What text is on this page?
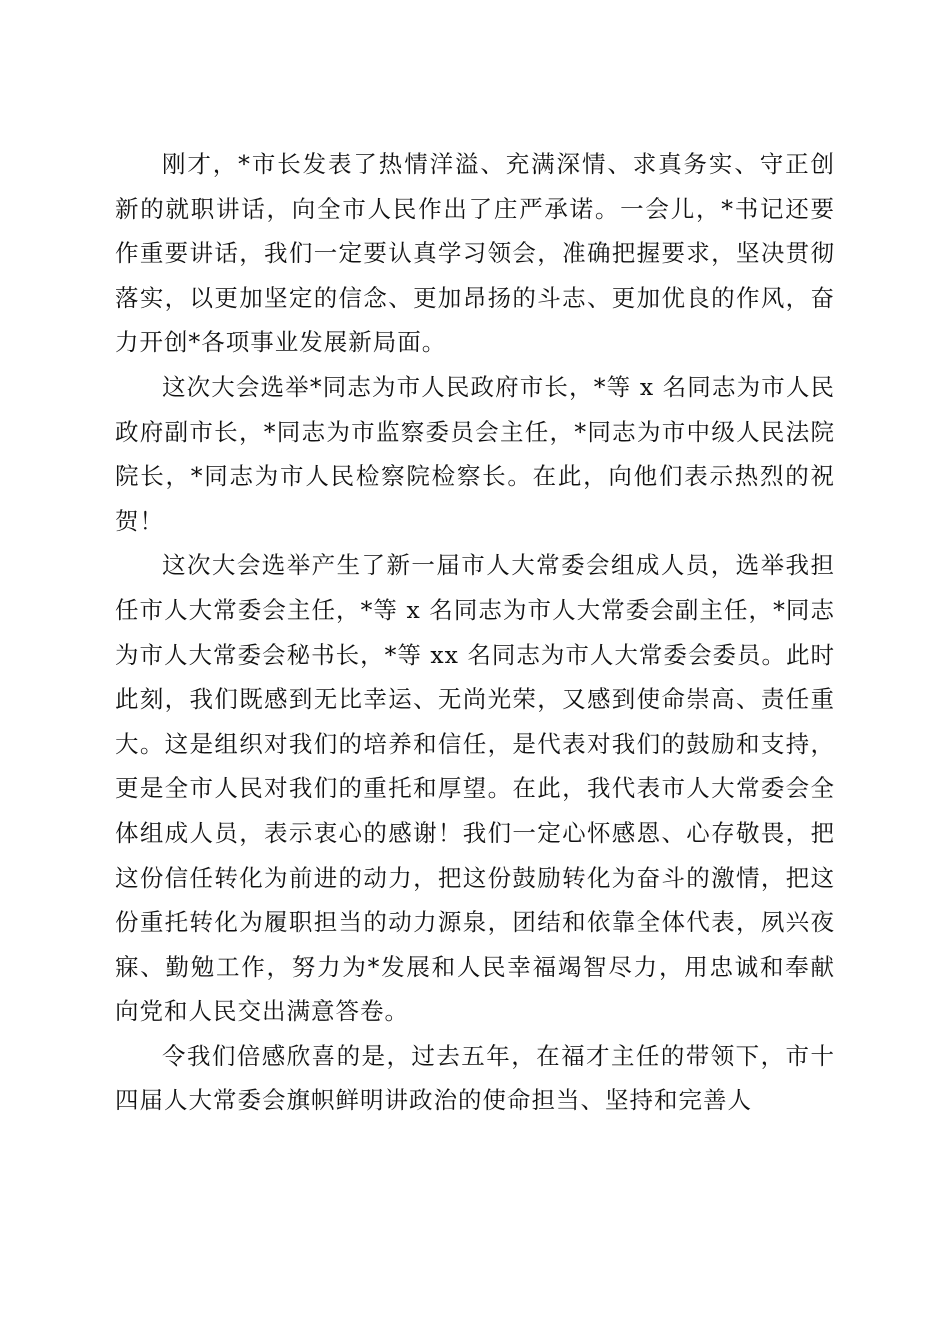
刚才，*市长发表了热情洋溢、充满深情、求真务实、守正创新的就职讲话，向全市人民作出了庄严承诺。一会儿，*书记还要作重要讲话，我们一定要认真学习领会，准确把握要求，坚决贯彻落实，以更加坚定的信念、更加昂扬的斗志、更加优良的作风，奋力开创*各项事业发展新局面。

这次大会选举*同志为市人民政府市长，*等 x 名同志为市人民政府副市长，*同志为市监察委员会主任，*同志为市中级人民法院院长，*同志为市人民检察院检察长。在此，向他们表示热烈的祝贺！

这次大会选举产生了新一届市人大常委会组成人员，选举我担任市人大常委会主任，*等 x 名同志为市人大常委会副主任，*同志为市人大常委会秘书长，*等 xx 名同志为市人大常委会委员。此时此刻，我们既感到无比幸运、无尚光荣，又感到使命崇高、责任重大。这是组织对我们的培养和信任，是代表对我们的鼓励和支持，更是全市人民对我们的重托和厚望。在此，我代表市人大常委会全体组成人员，表示衷心的感谢！我们一定心怀感恩、心存敬畏，把这份信任转化为前进的动力，把这份鼓励转化为奋斗的激情，把这份重托转化为履职担当的动力源泉，团结和依靠全体代表，夙兴夜寐、勤勉工作，努力为*发展和人民幸福竭智尽力，用忠诚和奉献向党和人民交出满意答卷。

令我们倍感欣喜的是，过去五年，在福才主任的带领下，市十四届人大常委会旗帜鲜明讲政治的使命担当、坚持和完善人
